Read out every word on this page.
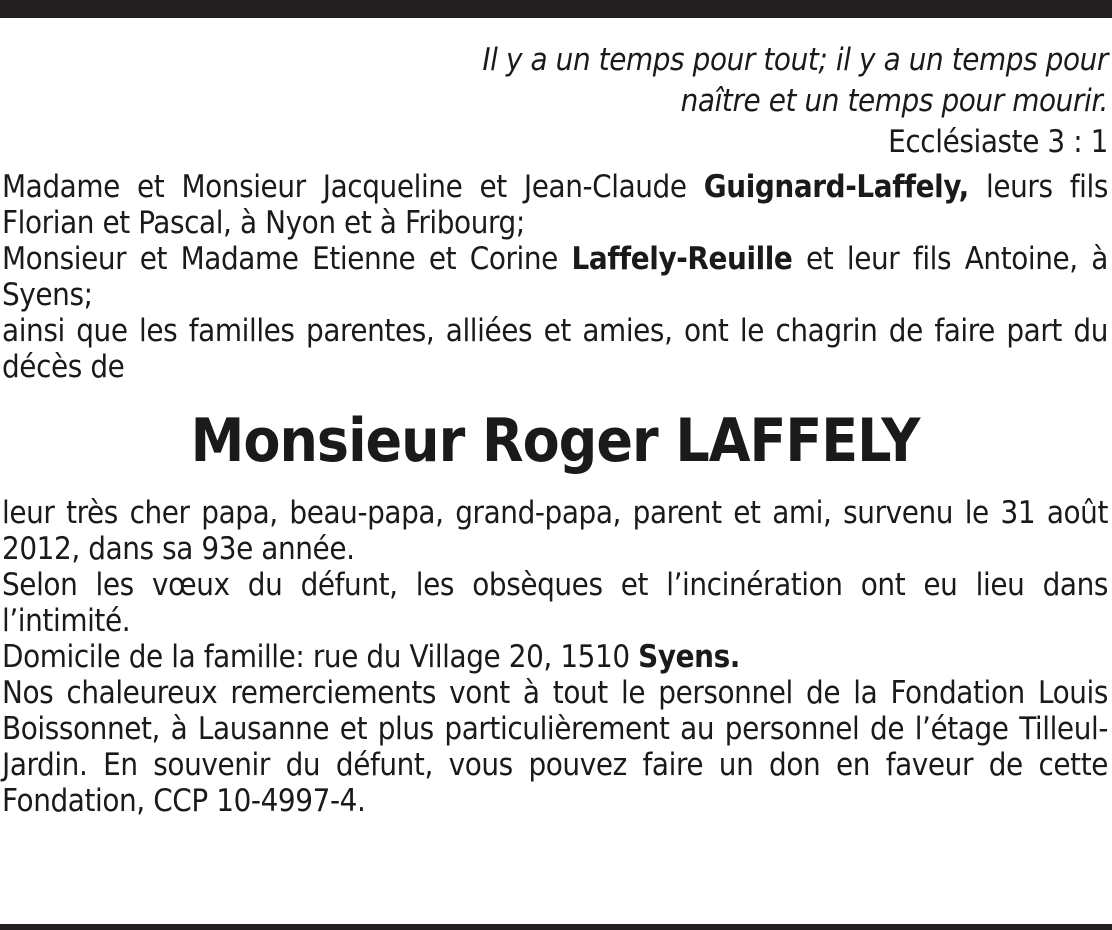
Il y a un temps pour tout; il y a un temps pour
naître et un temps pour mourir.
Ecclésiaste 3 : 1
Madame et Monsieur Jacqueline et Jean-Claude Guignard-Laffely, leurs fils Florian et Pascal, à Nyon et à Fribourg;
Monsieur et Madame Etienne et Corine Laffely-Reuille et leur fils Antoine, à Syens;
ainsi que les familles parentes, alliées et amies, ont le chagrin de faire part du décès de
Monsieur Roger LAFFELY
leur très cher papa, beau-papa, grand-papa, parent et ami, survenu le 31 août 2012, dans sa 93e année.
Selon les vœux du défunt, les obsèques et l’incinération ont eu lieu dans l’intimité.
Domicile de la famille: rue du Village 20, 1510 Syens.
Nos chaleureux remerciements vont à tout le personnel de la Fondation Louis Boissonnet, à Lausanne et plus particulièrement au personnel de l’étage Tilleul-Jardin. En souvenir du défunt, vous pouvez faire un don en faveur de cette Fondation, CCP 10-4997-4.
